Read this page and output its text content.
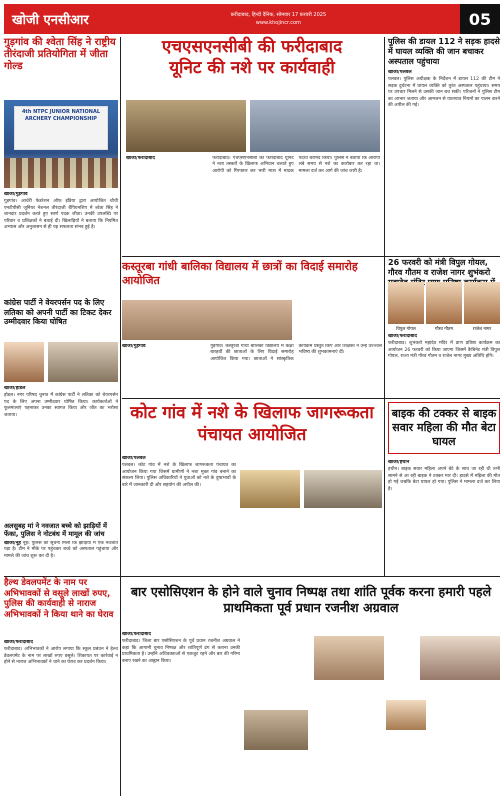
खोजी एनसीआर	फ़रीदाबाद, हिन्दी दैनिक, सोमवार 17 फ़रवरी 2025
www.khojincr.com	05
गुड़गांव की श्वेता सिंह ने राष्ट्रीय तीरंदाजी प्रतियोगिता में जीता गोल्ड
4th NTPC JUNIOR NATIONAL ARCHERY CHAMPIONSHIP
खोजी/गुड़गांव
गुड़गांव। आर्चरी फेडरेशन ऑफ इंडिया द्वारा आयोजित चौथी एनटीपीसी जूनियर नेशनल तीरंदाजी चैंपियनशिप में श्वेता सिंह ने शानदार प्रदर्शन करते हुए स्वर्ण पदक जीता। उनकी उपलब्धि पर परिवार व प्रशिक्षकों ने बधाई दी। खिलाड़ियों ने बताया कि नियमित अभ्यास और अनुशासन से ही यह सफलता संभव हुई है।
कांग्रेस पार्टी ने वेयरपर्सन पद के लिए लतिका को अपनी पार्टी का टिकट देकर उम्मीदवार किया घोषित
खोजी/होडल
होडल। नगर परिषद चुनाव में कांग्रेस पार्टी ने लतिका को चेयरपर्सन पद के लिए अपना उम्मीदवार घोषित किया। कार्यकर्ताओं ने फूलमालाएं पहनाकर उनका स्वागत किया और जीत का भरोसा जताया।
अलसुबह मां ने नवजात बच्चे को झाड़ियों में फेंका, पुलिस ने नोटबंध में मामूल की जांच
खोजी/नूह नूह। पुलिस को सूचना मिली कि झाड़ियों में एक नवजात पड़ा है। टीम ने मौके पर पहुंचकर बच्चे को अस्पताल पहुंचाया और मामले की जांच शुरू कर दी है।
एचएसएनसीबी की फरीदाबाद
यूनिट की नशे पर कार्यवाही
खोजी/फरीदाबाद	फरीदाबाद। एचएसएनसीबी की फरीदाबाद यूनिट ने नशा तस्करों के खिलाफ अभियान चलाते हुए आरोपी को गिरफ्तार कर भारी मात्रा में मादक पदार्थ बरामद किया। पुलिस ने बताया कि आरोपी लंबे समय से नशे का कारोबार कर रहा था। मामला दर्ज कर आगे की जांच जारी है।
पुलिस की डायल 112 ने सड़क हादसे में घायल व्यक्ति की जान बचाकर अस्पताल पहुंचाया
खोजी/पलवल
पलवल। पुलिस अधीक्षक के निर्देशन में डायल 112 की टीम ने सड़क दुर्घटना में घायल व्यक्ति को तुरंत अस्पताल पहुंचाया। समय पर उपचार मिलने से उसकी जान बच सकी। परिजनों ने पुलिस टीम का आभार जताया और आमजन से यातायात नियमों का पालन करने की अपील की गई।
कस्तूरबा गांधी बालिका विद्यालय में छात्रों का विदाई समारोह आयोजित
खोजी/गुड़गांव	गुड़गांव। कस्तूरबा गांधी बालिका विद्यालय में कक्षा बारहवीं की छात्राओं के लिए विदाई समारोह आयोजित किया गया। छात्राओं ने सांस्कृतिक कार्यक्रम प्रस्तुत किए और शिक्षकों ने उन्हें उज्ज्वल भविष्य की शुभकामनाएं दीं।
26 फरवरी को मंत्री विपुल गोयल, गौरव गौतम व राजेश नागर शुभंकरो
विपुल गोयल	गौरव गौतम	राजेश नागर
खोजी/फरीदाबाद
फरीदाबाद। शुभंकरो महादेव मंदिर में प्राण प्रतिष्ठा कार्यक्रम का आयोजन 26 फरवरी को किया जाएगा जिसमें कैबिनेट मंत्री विपुल गोयल, राज्य मंत्री गौरव गौतम व राजेश नागर मुख्य अतिथि होंगे।
कोट गांव में नशे के खिलाफ जागरूकता पंचायत आयोजित
खोजी/पलवल
पलवल। कोट गांव में नशे के खिलाफ जागरूकता पंचायत का आयोजन किया गया जिसमें ग्रामीणों ने नशा मुक्त गांव बनाने का संकल्प लिया। पुलिस अधिकारियों ने युवाओं को नशे के दुष्प्रभावों के बारे में जानकारी दी और सहयोग की अपील की।
बाइक की टक्कर से बाइक सवार महिला की मौत बेटा घायल
खोजी/हथीन
हथीन। बाइक सवार महिला अपने बेटे के साथ जा रही थी तभी सामने से आ रही बाइक ने टक्कर मार दी। हादसे में महिला की मौत हो गई जबकि बेटा घायल हो गया। पुलिस ने मामला दर्ज कर लिया है।
हैल्थ डेवलपमेंट के नाम पर अभिभावकों से वसूले लाखों रुपए, पुलिस की कार्यवाही से नाराज अभिभावकों ने किया थाने का घेराव
खोजी/फरीदाबाद
फरीदाबाद। अभिभावकों ने आरोप लगाया कि स्कूल प्रबंधन ने हेल्थ डेवलपमेंट के नाम पर लाखों रुपए वसूले। शिकायत पर कार्रवाई न होने से नाराज अभिभावकों ने थाने का घेराव कर प्रदर्शन किया।
बार एसोसिएशन के होने वाले चुनाव निष्पक्ष तथा शांति पूर्वक करना हमारी पहले प्राथमिकता पूर्व प्रधान रजनीश अग्रवाल
खोजी/फरीदाबाद
फरीदाबाद। जिला बार एसोसिएशन के पूर्व प्रधान रजनीश अग्रवाल ने कहा कि आगामी चुनाव निष्पक्ष और शांतिपूर्ण ढंग से कराना उनकी प्राथमिकता है। उन्होंने अधिवक्ताओं से एकजुट रहने और बार की गरिमा बनाए रखने का आह्वान किया।
